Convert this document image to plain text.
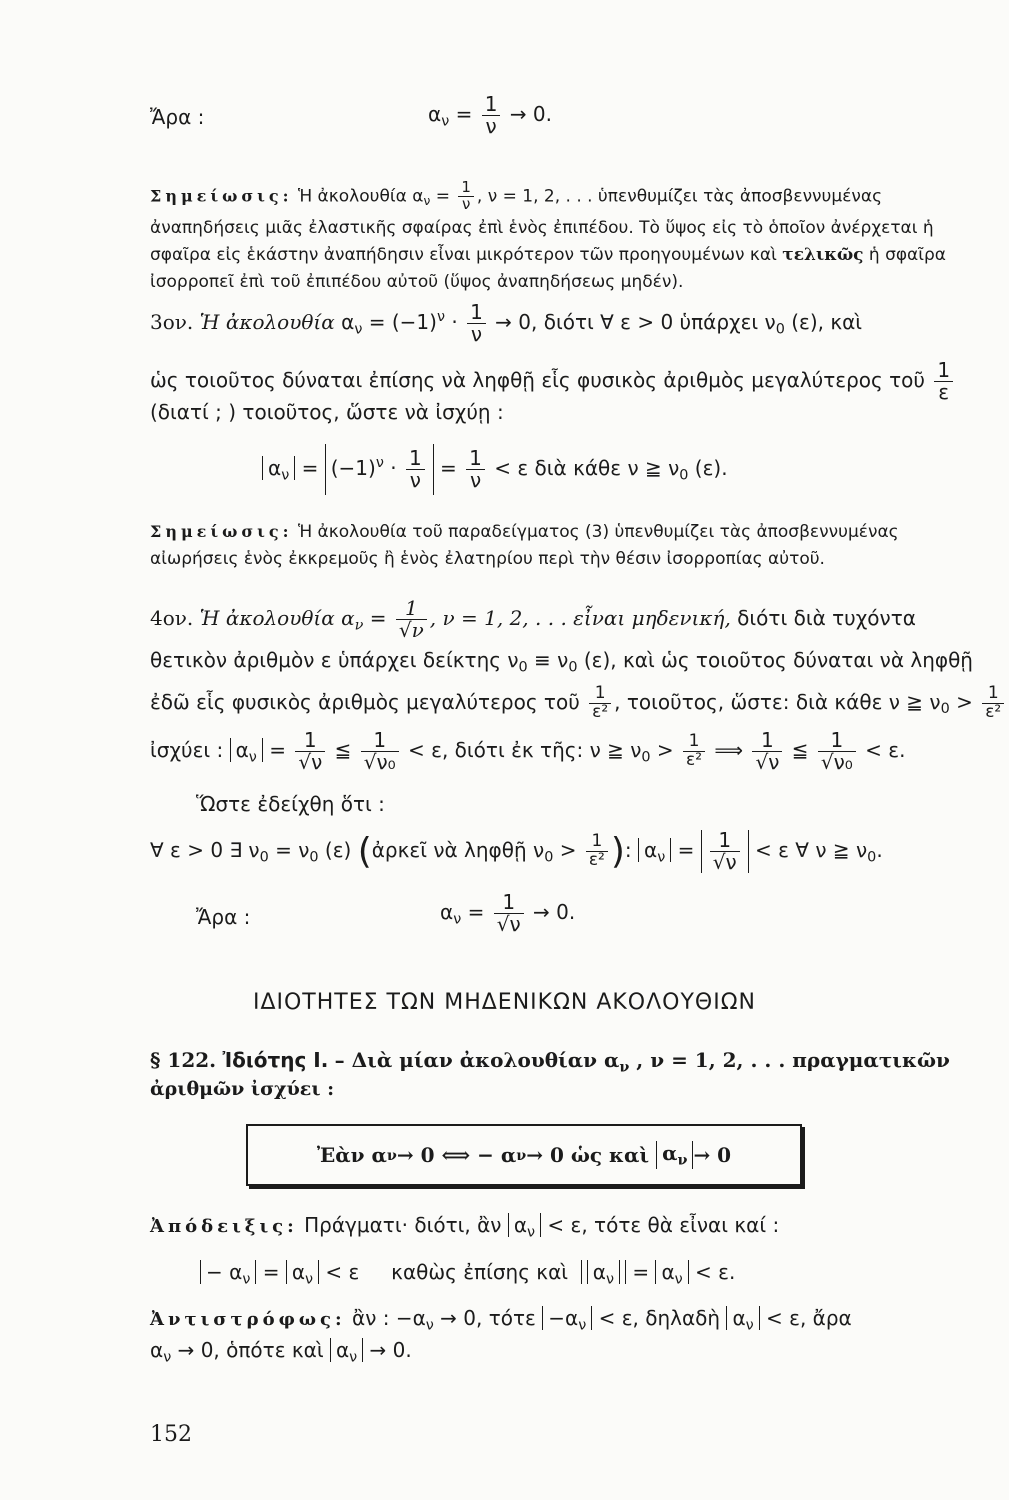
Ἄρα :	$\alpha_\nu = \frac{1}{\nu} \to 0$.
Σημείωσις: Ἡ ἀκολουθία $\alpha_\nu = \frac{1}{\nu}$ , ν = 1, 2, . . . ὑπενθυμίζει τὰς ἀποσβεννυμένας
ἀναπηδήσεις μιᾶς ἐλαστικῆς σφαίρας ἐπὶ ἑνὸς ἐπιπέδου. Τὸ ὕψος εἰς τὸ ὁποῖον ἀνέρχεται ἡ
σφαῖρα εἰς ἑκάστην ἀναπήδησιν εἶναι μικρότερον τῶν προηγουμένων καὶ τελικῶς ἡ σφαῖρα
ἰσορροπεῖ ἐπὶ τοῦ ἐπιπέδου αὐτοῦ (ὕψος ἀναπηδήσεως μηδέν).
3ον. Ἡ ἀκολουθία $\alpha_\nu = (-1)^\nu \cdot \frac{1}{\nu} \to 0$, διότι ∀ ε > 0 ὑπάρχει $\nu_0$ (ε), καὶ
ὡς τοιοῦτος δύναται ἐπίσης νὰ ληφθῇ εἷς φυσικὸς ἀριθμὸς μεγαλύτερος τοῦ $\frac{1}{\varepsilon}$
(διατί ; ) τοιοῦτος, ὥστε νὰ ἰσχύῃ :
$\alpha_\nu = (-1)^\nu \cdot \frac{1}{\nu} = \frac{1}{\nu} < \varepsilon$ διὰ κάθε ν ≧ $\nu_0$ (ε).
Σημείωσις: Ἡ ἀκολουθία τοῦ παραδείγματος (3) ὑπενθυμίζει τὰς ἀποσβεννυμένας
αἰωρήσεις ἑνὸς ἐκκρεμοῦς ἢ ἑνὸς ἐλατηρίου περὶ τὴν θέσιν ἰσορροπίας αὐτοῦ.
4ον. Ἡ ἀκολουθία $\alpha_\nu = \frac{1}{√\nu}$ , ν = 1, 2, . . . εἶναι μηδενική, διότι διὰ τυχόντα
θετικὸν ἀριθμὸν ε ὑπάρχει δείκτης $\nu_0 \equiv \nu_0$ (ε), καὶ ὡς τοιοῦτος δύναται νὰ ληφθῇ
ἐδῶ εἷς φυσικὸς ἀριθμὸς μεγαλύτερος τοῦ $\frac{1}{\text{ε²}}$ , τοιοῦτος, ὥστε: διὰ κάθε ν ≧ $\nu_0 > \frac{1}{\text{ε²}}$
ἰσχύει : $\alpha_\nu = \frac{1}{√\nu}$ ≦ $\frac{1}{\text{√ν₀}} < \varepsilon$, διότι ἐκ τῆς: ν ≧ $\nu_0 > \frac{1}{\text{ε²}}$ ⟹ $\frac{1}{√\nu}$ ≦ $\frac{1}{\text{√ν₀}} < \varepsilon$.
Ὥστε ἐδείχθη ὅτι :
∀ ε > 0 ∃ $\nu_0 = \nu_0$ (ε) (ἀρκεῖ νὰ ληφθῇ $\nu_0 > \frac{1}{\text{ε²}}$ ): $\alpha_\nu = \frac{1}{√\nu} < \varepsilon$ ∀ ν ≧ $\nu_0$.
Ἄρα :	$\alpha_\nu = \frac{1}{√\nu} \to 0$.
ΙΔΙΟΤΗΤΕΣ ΤΩΝ ΜΗΔΕΝΙΚΩΝ ΑΚΟΛΟΥΘΙΩΝ
§ 122. Ἰδιότης I. – Διὰ μίαν ἀκολουθίαν $\alpha_\nu$ , ν = 1, 2, . . . πραγματικῶν
ἀριθμῶν ἰσχύει :
Ἐὰν α ν → 0 ⟺ − α ν → 0 ὡς καὶ
$\alpha_\nu \to 0$
Ἀπόδειξις: Πράγματι· διότι, ἂν $\alpha_\nu < \varepsilon$, τότε θὰ εἶναι καί :
− $\alpha_\nu = \alpha_\nu < \varepsilon$ καθὼς ἐπίσης καὶ $\alpha_\nu = \alpha_\nu < \varepsilon$.
Ἀντιστρόφως: ἂν : $-\alpha_\nu \to 0$, $\tau ό\tau\varepsilon -\alpha_\nu < \varepsilon$, δηλαδὴ $\alpha_\nu < \varepsilon$, ἄρα
$\alpha_\nu \to 0$, ὁπότε καὶ $\alpha_\nu \to 0$.
152
